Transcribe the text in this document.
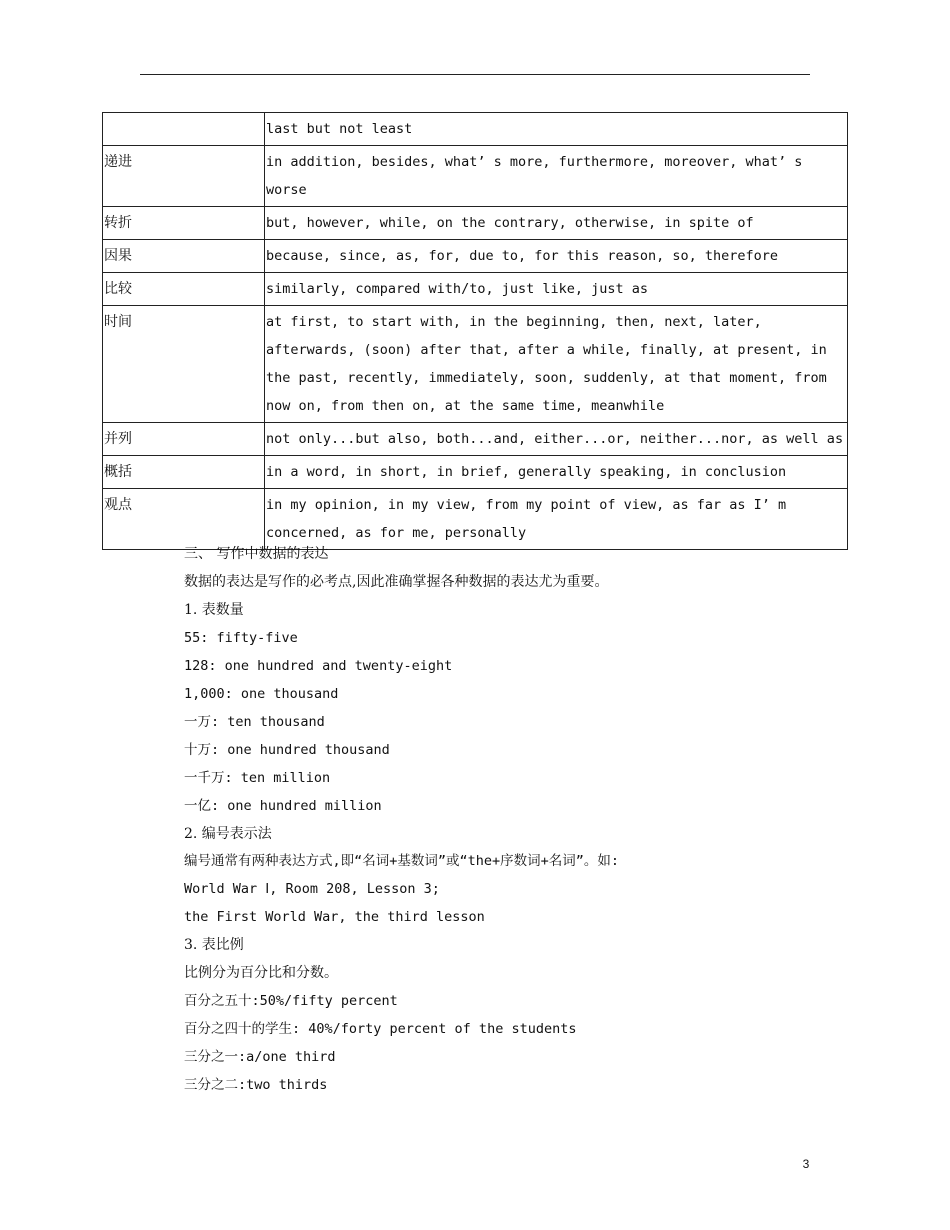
	last but not least
递进	in addition, besides, what’ s more, furthermore, moreover, what’ s worse
转折	but, however, while, on the contrary, otherwise, in spite of
因果	because, since, as, for, due to, for this reason, so, therefore
比较	similarly, compared with/to, just like, just as
时间	at first, to start with, in the beginning, then, next, later, afterwards, (soon) after that, after a while, finally, at present, in the past, recently, immediately, soon, suddenly, at that moment, from now on, from then on, at the same time, meanwhile
并列	not only...but also, both...and, either...or, neither...nor, as well as
概括	in a word, in short, in brief, generally speaking, in conclusion
观点	in my opinion, in my view, from my point of view, as far as I’ m concerned, as for me, personally
三、 写作中数据的表达
数据的表达是写作的必考点,因此准确掌握各种数据的表达尤为重要。
1. 表数量
55: fifty-five
128: one hundred and twenty-eight
1,000: one thousand
一万: ten thousand
十万: one hundred thousand
一千万: ten million
一亿: one hundred million
2. 编号表示法
编号通常有两种表达方式,即“名词+基数词”或“the+序数词+名词”。如:
World War Ⅰ, Room 208, Lesson 3;
the First World War, the third lesson
3. 表比例
比例分为百分比和分数。
百分之五十:50%/fifty percent
百分之四十的学生: 40%/forty percent of the students
三分之一:a/one third
三分之二:two thirds
3
